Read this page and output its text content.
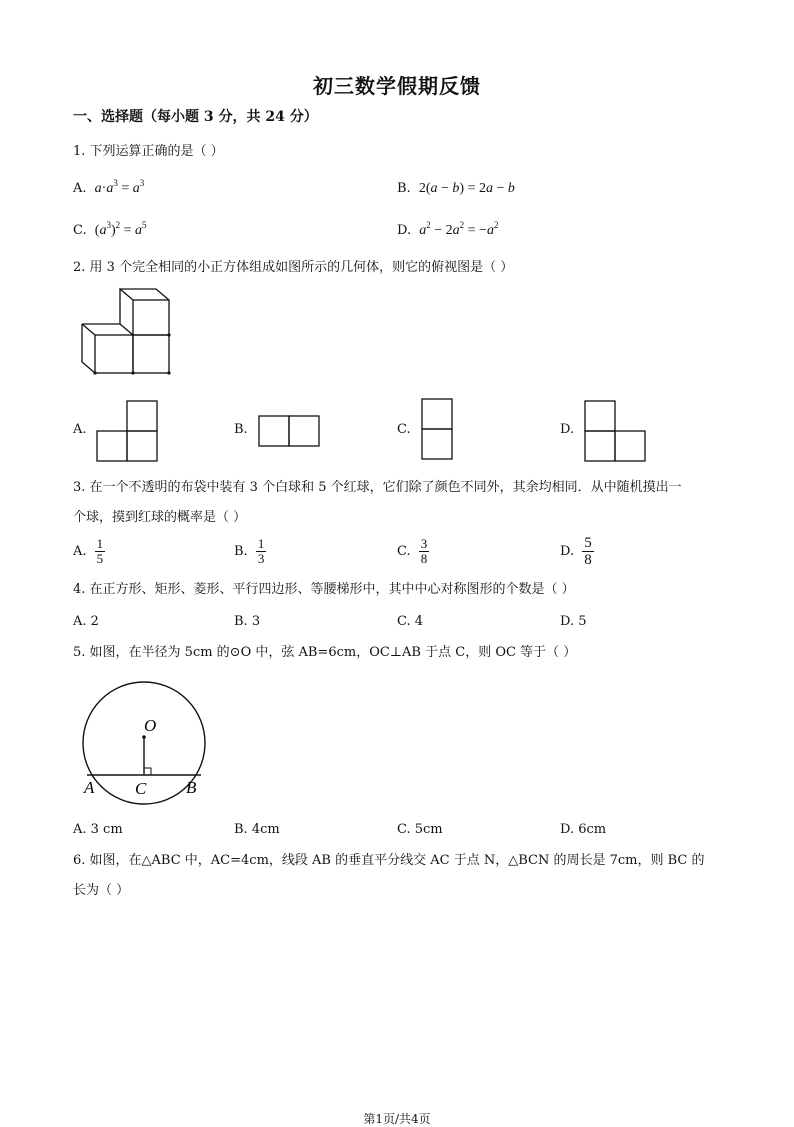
初三数学假期反馈
一、选择题（每小题 3 分，共 24 分）
1. 下列运算正确的是（ ）
A. $a\cdot a^3 = a^3$	B. 2(a − b) = 2a − b
C. $(a^3)^2 = a^5$	D. $a^2 - 2a^2 = -a^2$
2. 用 3 个完全相同的小正方体组成如图所示的几何体，则它的俯视图是（ ）
A.	B.	C.	D.
3. 在一个不透明的布袋中装有 3 个白球和 5 个红球，它们除了颜色不同外，其余均相同．从中随机摸出一
个球，摸到红球的概率是（ ）
A. $\frac{1}{5}$	B. $\frac{1}{3}$	C. $\frac{3}{8}$	D. $\frac{5}{8}$
4. 在正方形、矩形、菱形、平行四边形、等腰梯形中，其中中心对称图形的个数是（ ）
A. 2	B. 3	C. 4	D. 5
5. 如图，在半径为 5cm 的⊙O 中，弦 AB=6cm，OC⊥AB 于点 C，则 OC 等于（ ）
O
A C B
A. 3 cm	B. 4cm	C. 5cm	D. 6cm
6. 如图，在△ABC 中，AC=4cm，线段 AB 的垂直平分线交 AC 于点 N，△BCN 的周长是 7cm，则 BC 的
长为（ ）
第1页/共4页
